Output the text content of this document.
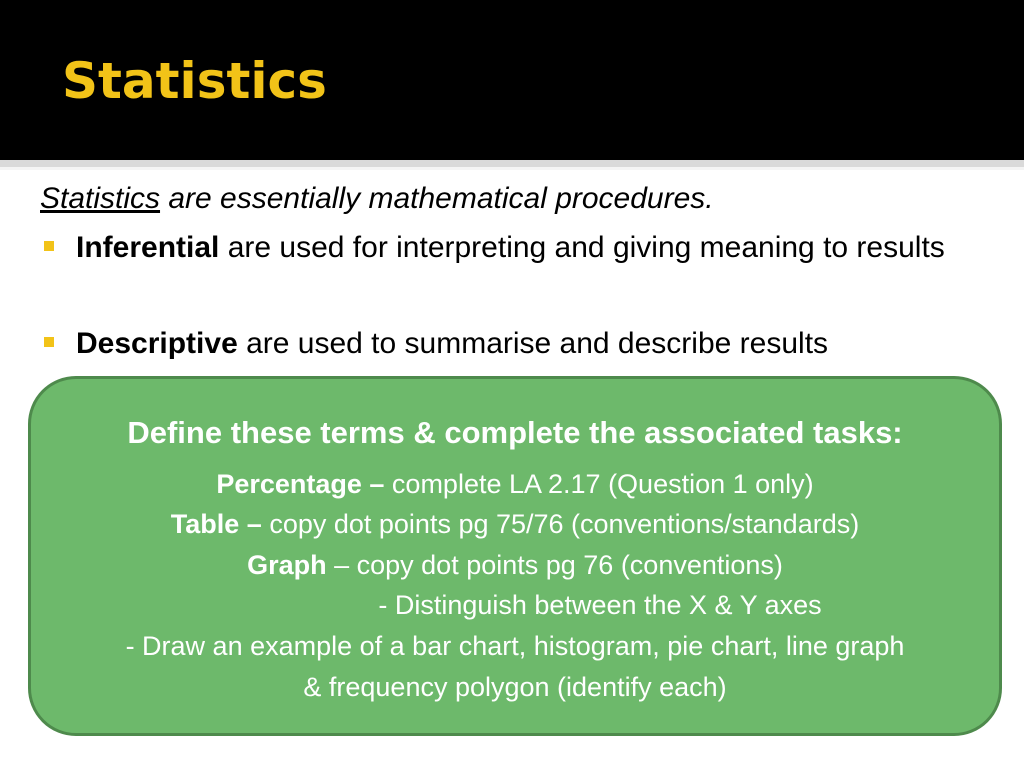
Statistics

Statistics are essentially mathematical procedures.

Inferential are used for interpreting and giving meaning to results
Descriptive are used to summarise and describe results

Define these terms & complete the associated tasks:

Percentage – complete LA 2.17 (Question 1 only)

Table – copy dot points pg 75/76 (conventions/standards)

Graph – copy dot points pg 76 (conventions)

- Distinguish between the X & Y axes

- Draw an example of a bar chart, histogram, pie chart, line graph

& frequency polygon (identify each)
